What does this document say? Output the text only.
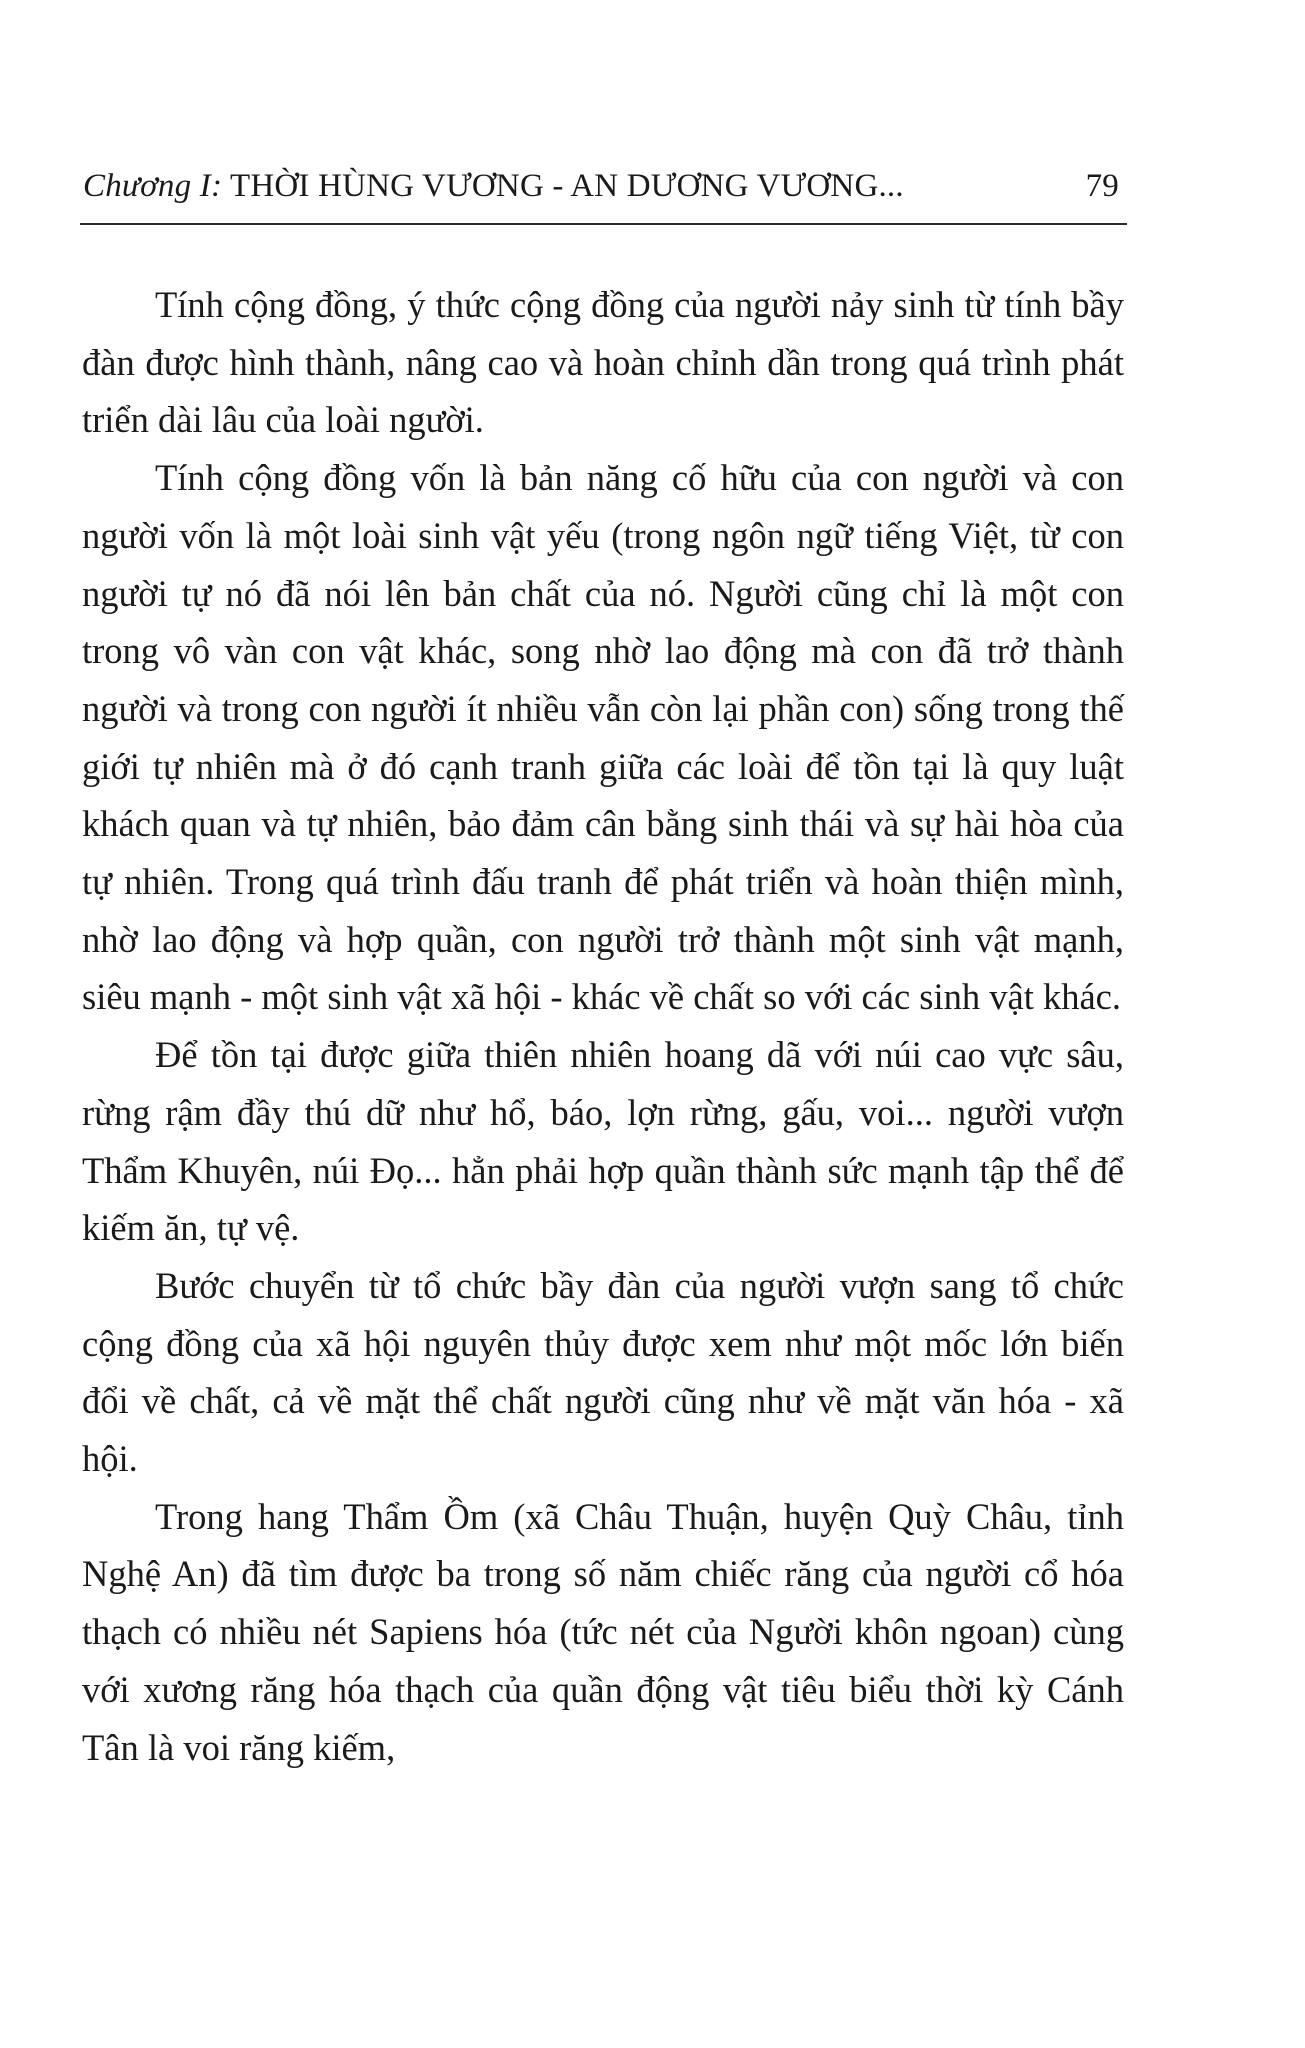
Chương I: THỜI HÙNG VƯƠNG - AN DƯƠNG VƯƠNG...	79

Tính cộng đồng, ý thức cộng đồng của người nảy sinh từ tính bầy đàn được hình thành, nâng cao và hoàn chỉnh dần trong quá trình phát triển dài lâu của loài người.

Tính cộng đồng vốn là bản năng cố hữu của con người và con người vốn là một loài sinh vật yếu (trong ngôn ngữ tiếng Việt, từ con người tự nó đã nói lên bản chất của nó. Người cũng chỉ là một con trong vô vàn con vật khác, song nhờ lao động mà con đã trở thành người và trong con người ít nhiều vẫn còn lại phần con) sống trong thế giới tự nhiên mà ở đó cạnh tranh giữa các loài để tồn tại là quy luật khách quan và tự nhiên, bảo đảm cân bằng sinh thái và sự hài hòa của tự nhiên. Trong quá trình đấu tranh để phát triển và hoàn thiện mình, nhờ lao động và hợp quần, con người trở thành một sinh vật mạnh, siêu mạnh - một sinh vật xã hội - khác về chất so với các sinh vật khác.

Để tồn tại được giữa thiên nhiên hoang dã với núi cao vực sâu, rừng rậm đầy thú dữ như hổ, báo, lợn rừng, gấu, voi... người vượn Thẩm Khuyên, núi Đọ... hẳn phải hợp quần thành sức mạnh tập thể để kiếm ăn, tự vệ.

Bước chuyển từ tổ chức bầy đàn của người vượn sang tổ chức cộng đồng của xã hội nguyên thủy được xem như một mốc lớn biến đổi về chất, cả về mặt thể chất người cũng như về mặt văn hóa - xã hội.

Trong hang Thẩm Ồm (xã Châu Thuận, huyện Quỳ Châu, tỉnh Nghệ An) đã tìm được ba trong số năm chiếc răng của người cổ hóa thạch có nhiều nét Sapiens hóa (tức nét của Người khôn ngoan) cùng với xương răng hóa thạch của quần động vật tiêu biểu thời kỳ Cánh Tân là voi răng kiếm,
